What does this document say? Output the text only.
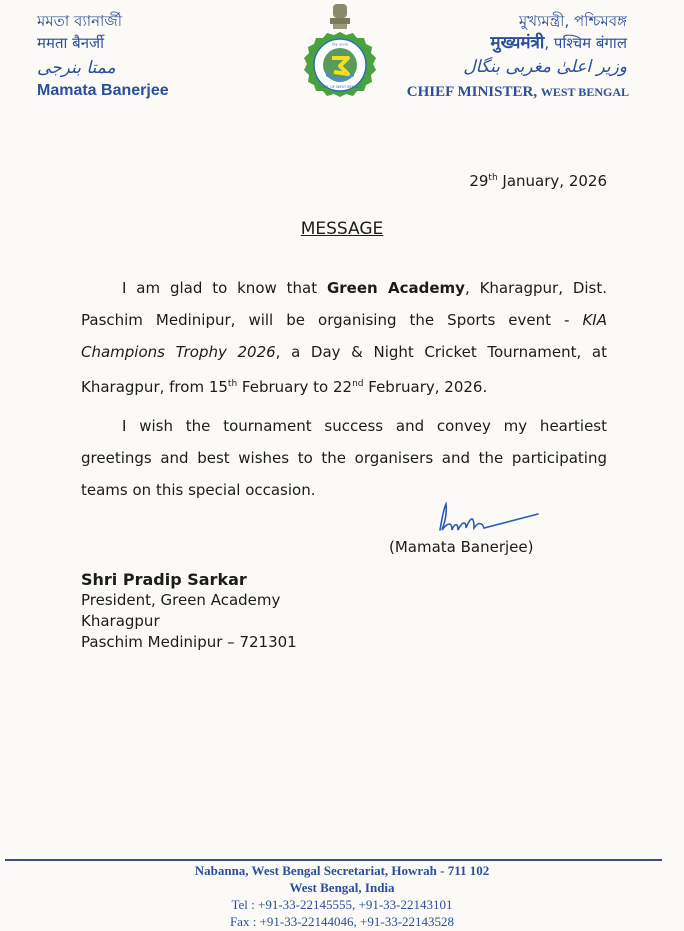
মমতা ব্যানার্জী
ममता बैनर्जी
ممتا بنرجی
Mamata Banerjee
বিশ্ব বাংলা
GOVT. OF WEST BENGAL
মুখ্যমন্ত্রী, পশ্চিমবঙ্গ
मुख्यमंत्री, पश्चिम बंगाल
وزیر اعلیٰ مغربی بنگال
CHIEF MINISTER, WEST BENGAL
29th January, 2026
MESSAGE

I am glad to know that Green Academy, Kharagpur, Dist. Paschim Medinipur, will be organising the Sports event - KIA Champions Trophy 2026, a Day & Night Cricket Tournament, at Kharagpur, from 15th February to 22nd February, 2026.

I wish the tournament success and convey my heartiest greetings and best wishes to the organisers and the participating teams on this special occasion.

(Mamata Banerjee)
Shri Pradip Sarkar
President, Green Academy
Kharagpur
Paschim Medinipur – 721301
Nabanna, West Bengal Secretariat, Howrah - 711 102
West Bengal, India
Tel : +91-33-22145555, +91-33-22143101
Fax : +91-33-22144046, +91-33-22143528
